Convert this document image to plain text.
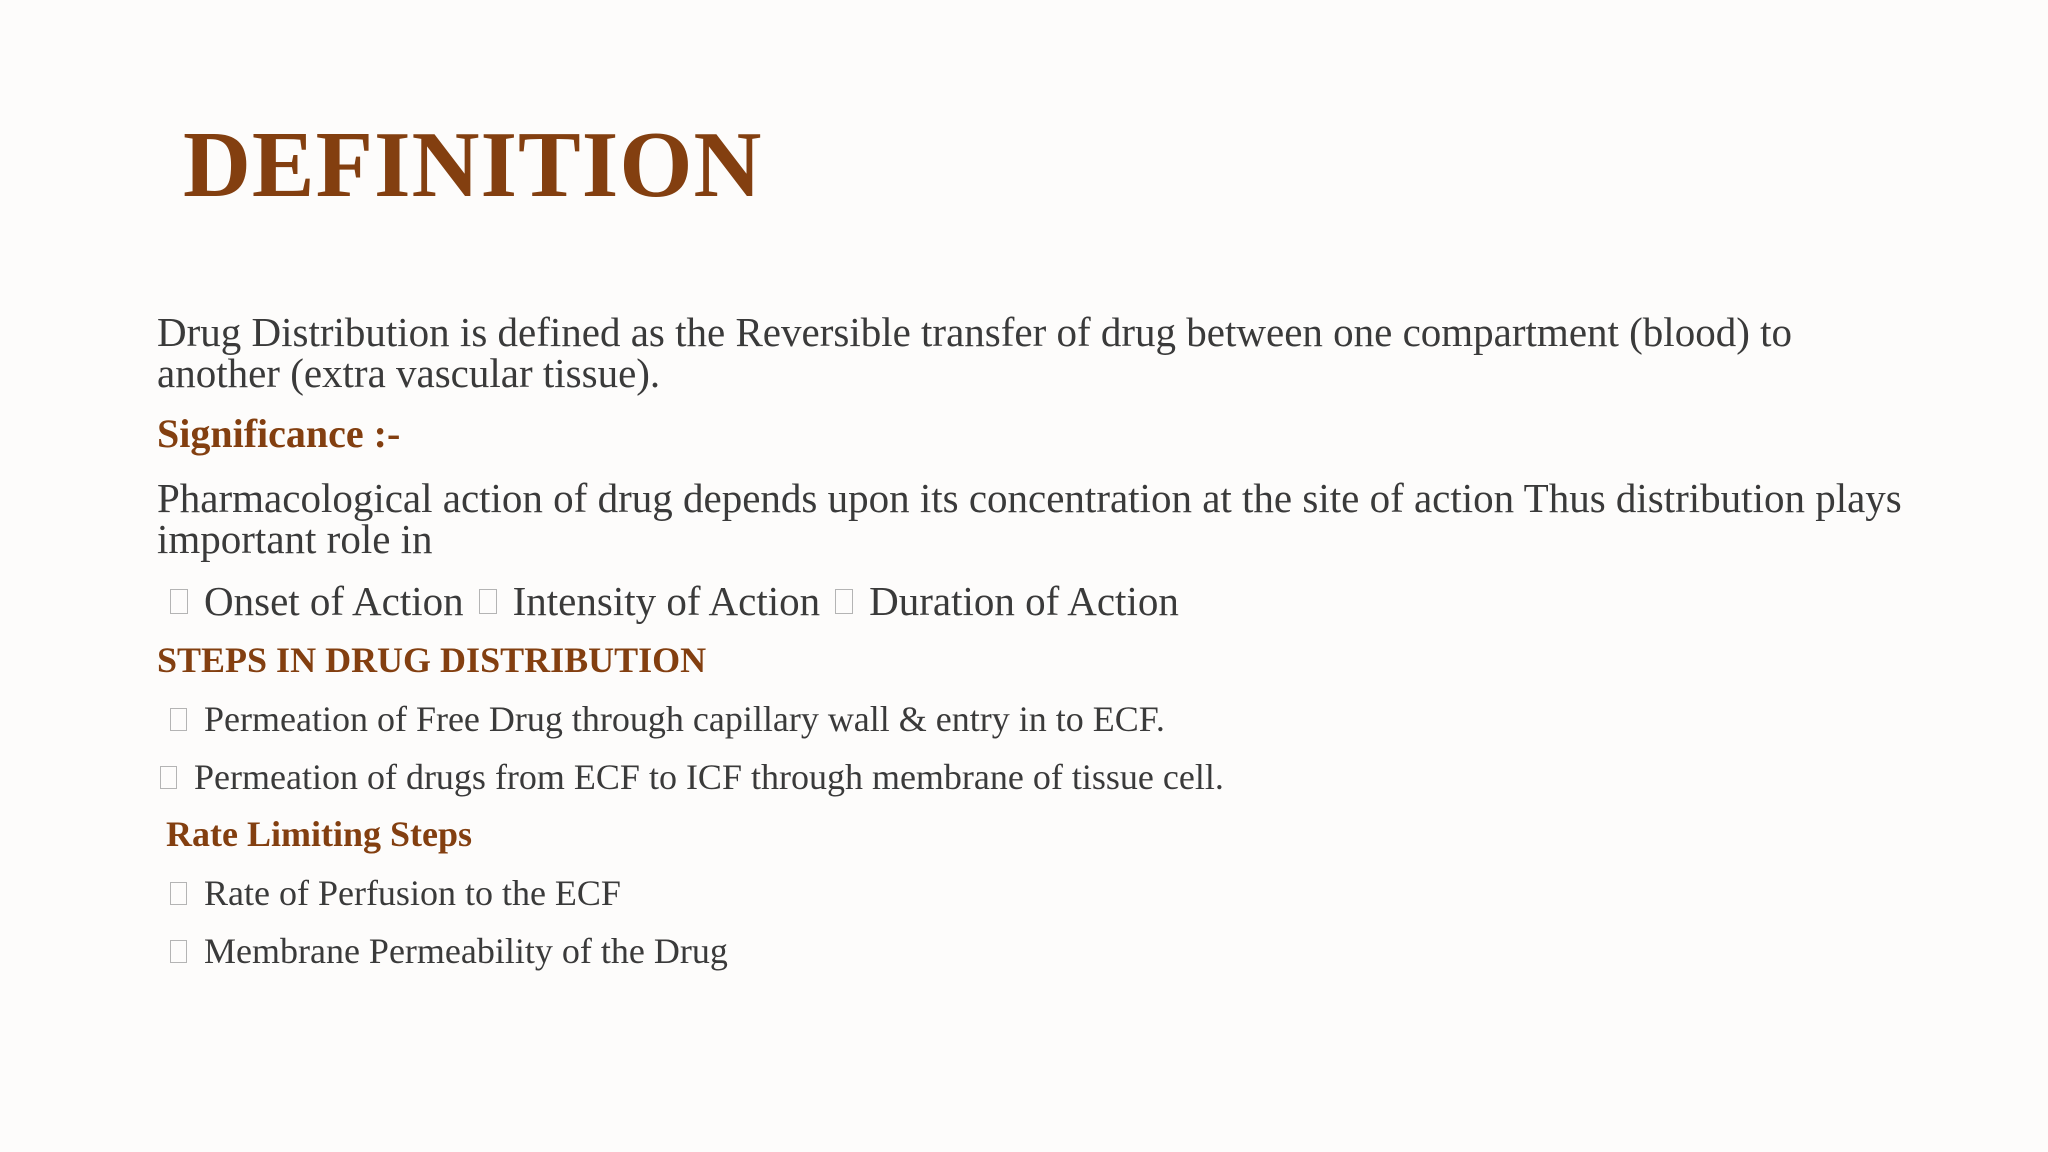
DEFINITION
Drug Distribution is defined as the Reversible transfer of drug between one compartment (blood) to another (extra vascular tissue).
Significance :-
Pharmacological action of drug depends upon its concentration at the site of action Thus distribution plays important role in
Onset of Action Intensity of Action Duration of Action
STEPS IN DRUG DISTRIBUTION
Permeation of Free Drug through capillary wall & entry in to ECF.
Permeation of drugs from ECF to ICF through membrane of tissue cell.
Rate Limiting Steps
Rate of Perfusion to the ECF
Membrane Permeability of the Drug
